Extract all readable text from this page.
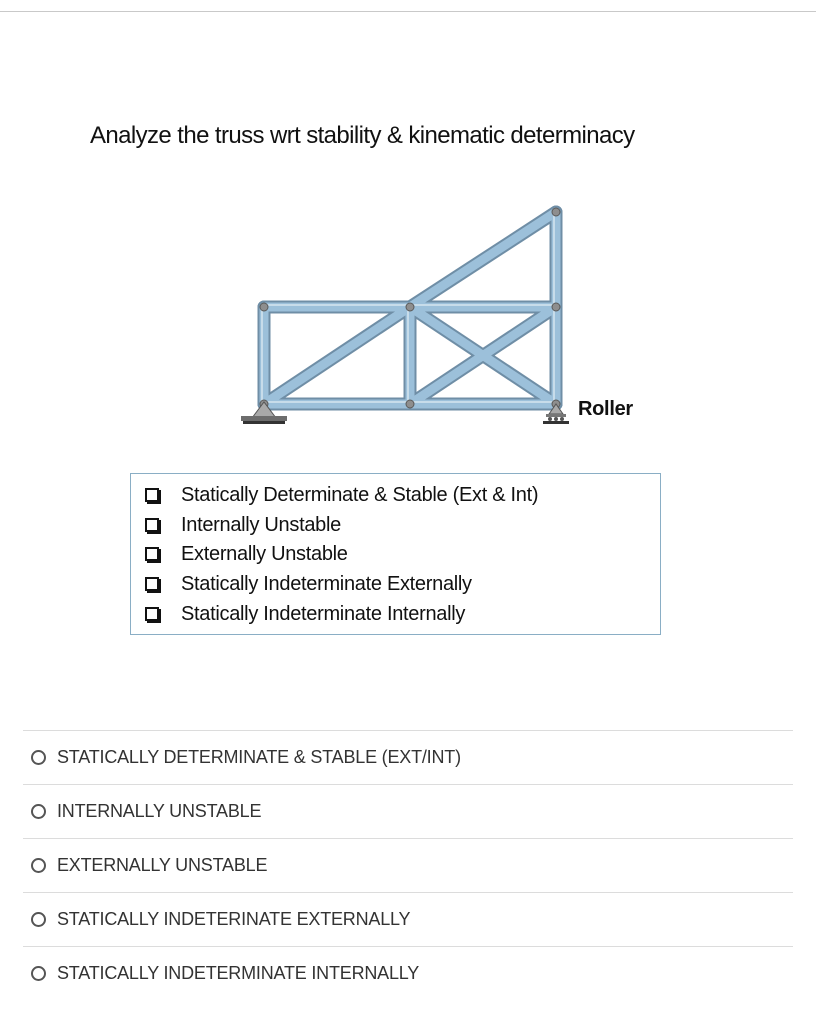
Analyze the truss wrt stability & kinematic determinacy
Roller
Statically Determinate & Stable (Ext & Int)
Internally Unstable
Externally Unstable
Statically Indeterminate Externally
Statically Indeterminate Internally
STATICALLY DETERMINATE & STABLE (EXT/INT)
INTERNALLY UNSTABLE
EXTERNALLY UNSTABLE
STATICALLY INDETERINATE EXTERNALLY
STATICALLY INDETERMINATE INTERNALLY
